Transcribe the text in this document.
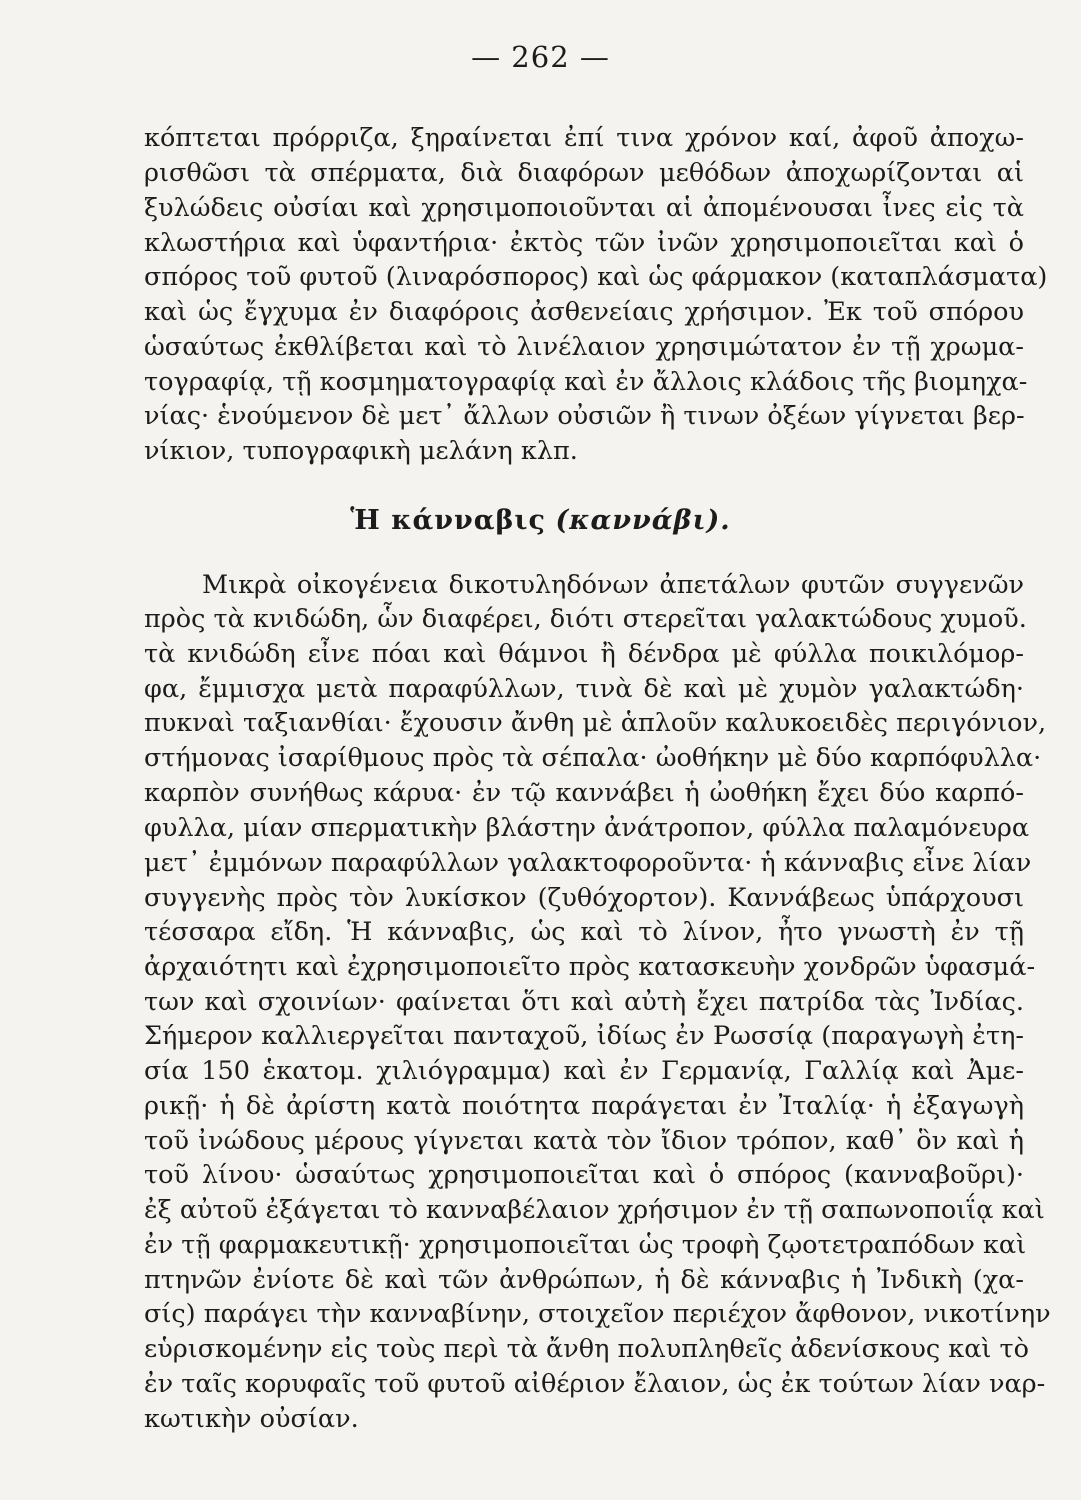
— 262 —
κόπτεται πρόρριζα, ξηραίνεται ἐπί τινα χρόνον καί, ἀφοῦ ἀποχω-
ρισθῶσι τὰ σπέρματα, διὰ διαφόρων μεθόδων ἀποχωρίζονται αἱ
ξυλώδεις οὐσίαι καὶ χρησιμοποιοῦνται αἱ ἀπομένουσαι ἶνες εἰς τὰ
κλωστήρια καὶ ὑφαντήρια· ἐκτὸς τῶν ἰνῶν χρησιμοποιεῖται καὶ ὁ
σπόρος τοῦ φυτοῦ (λιναρόσπορος) καὶ ὡς φάρμακον (καταπλάσματα)
καὶ ὡς ἔγχυμα ἐν διαφόροις ἀσθενείαις χρήσιμον. Ἐκ τοῦ σπόρου
ὡσαύτως ἐκθλίβεται καὶ τὸ λινέλαιον χρησιμώτατον ἐν τῇ χρωμα-
τογραφίᾳ, τῇ κοσμηματογραφίᾳ καὶ ἐν ἄλλοις κλάδοις τῆς βιομηχα-
νίας· ἑνούμενον δὲ μετ᾽ ἄλλων οὐσιῶν ἢ τινων ὀξέων γίγνεται βερ-
νίκιον, τυπογραφικὴ μελάνη κλπ.
Μικρὰ οἰκογένεια δικοτυληδόνων ἀπετάλων φυτῶν συγγενῶν
πρὸς τὰ κνιδώδη, ὧν διαφέρει, διότι στερεῖται γαλακτώδους χυμοῦ.
τὰ κνιδώδη εἶνε πόαι καὶ θάμνοι ἢ δένδρα μὲ φύλλα ποικιλόμορ-
φα, ἔμμισχα μετὰ παραφύλλων, τινὰ δὲ καὶ μὲ χυμὸν γαλακτώδη·
πυκναὶ ταξιανθίαι· ἔχουσιν ἄνθη μὲ ἁπλοῦν καλυκοειδὲς περιγόνιον,
στήμονας ἰσαρίθμους πρὸς τὰ σέπαλα· ὠοθήκην μὲ δύο καρπόφυλλα·
καρπὸν συνήθως κάρυα· ἐν τῷ καννάβει ἡ ὠοθήκη ἔχει δύο καρπό-
φυλλα, μίαν σπερματικὴν βλάστην ἀνάτροπον, φύλλα παλαμόνευρα
μετ᾽ ἐμμόνων παραφύλλων γαλακτοφοροῦντα· ἡ κάνναβις εἶνε λίαν
συγγενὴς πρὸς τὸν λυκίσκον (ζυθόχορτον). Καννάβεως ὑπάρχουσι
τέσσαρα εἴδη. Ἡ κάνναβις, ὡς καὶ τὸ λίνον, ἦτο γνωστὴ ἐν τῇ
ἀρχαιότητι καὶ ἐχρησιμοποιεῖτο πρὸς κατασκευὴν χονδρῶν ὑφασμά-
των καὶ σχοινίων· φαίνεται ὅτι καὶ αὐτὴ ἔχει πατρίδα τὰς Ἰνδίας.
Σήμερον καλλιεργεῖται πανταχοῦ, ἰδίως ἐν Ρωσσίᾳ (παραγωγὴ ἐτη-
σία 150 ἑκατομ. χιλιόγραμμα) καὶ ἐν Γερμανίᾳ, Γαλλίᾳ καὶ Ἀμε-
ρικῇ· ἡ δὲ ἀρίστη κατὰ ποιότητα παράγεται ἐν Ἰταλίᾳ· ἡ ἐξαγωγὴ
τοῦ ἰνώδους μέρους γίγνεται κατὰ τὸν ἴδιον τρόπον, καθ᾽ ὃν καὶ ἡ
τοῦ λίνου· ὡσαύτως χρησιμοποιεῖται καὶ ὁ σπόρος (κανναβοῦρι)·
ἐξ αὐτοῦ ἐξάγεται τὸ κανναβέλαιον χρήσιμον ἐν τῇ σαπωνοποιΐᾳ καὶ
ἐν τῇ φαρμακευτικῇ· χρησιμοποιεῖται ὡς τροφὴ ζῳοτετραπόδων καὶ
πτηνῶν ἐνίοτε δὲ καὶ τῶν ἀνθρώπων, ἡ δὲ κάνναβις ἡ Ἰνδικὴ (χα-
σίς) παράγει τὴν κανναβίνην, στοιχεῖον περιέχον ἄφθονον, νικοτίνην
εὑρισκομένην εἰς τοὺς περὶ τὰ ἄνθη πολυπληθεῖς ἀδενίσκους καὶ τὸ
ἐν ταῖς κορυφαῖς τοῦ φυτοῦ αἰθέριον ἔλαιον, ὡς ἐκ τούτων λίαν ναρ-
κωτικὴν οὐσίαν.
Ἡ κάνναβις (καννάβι).
